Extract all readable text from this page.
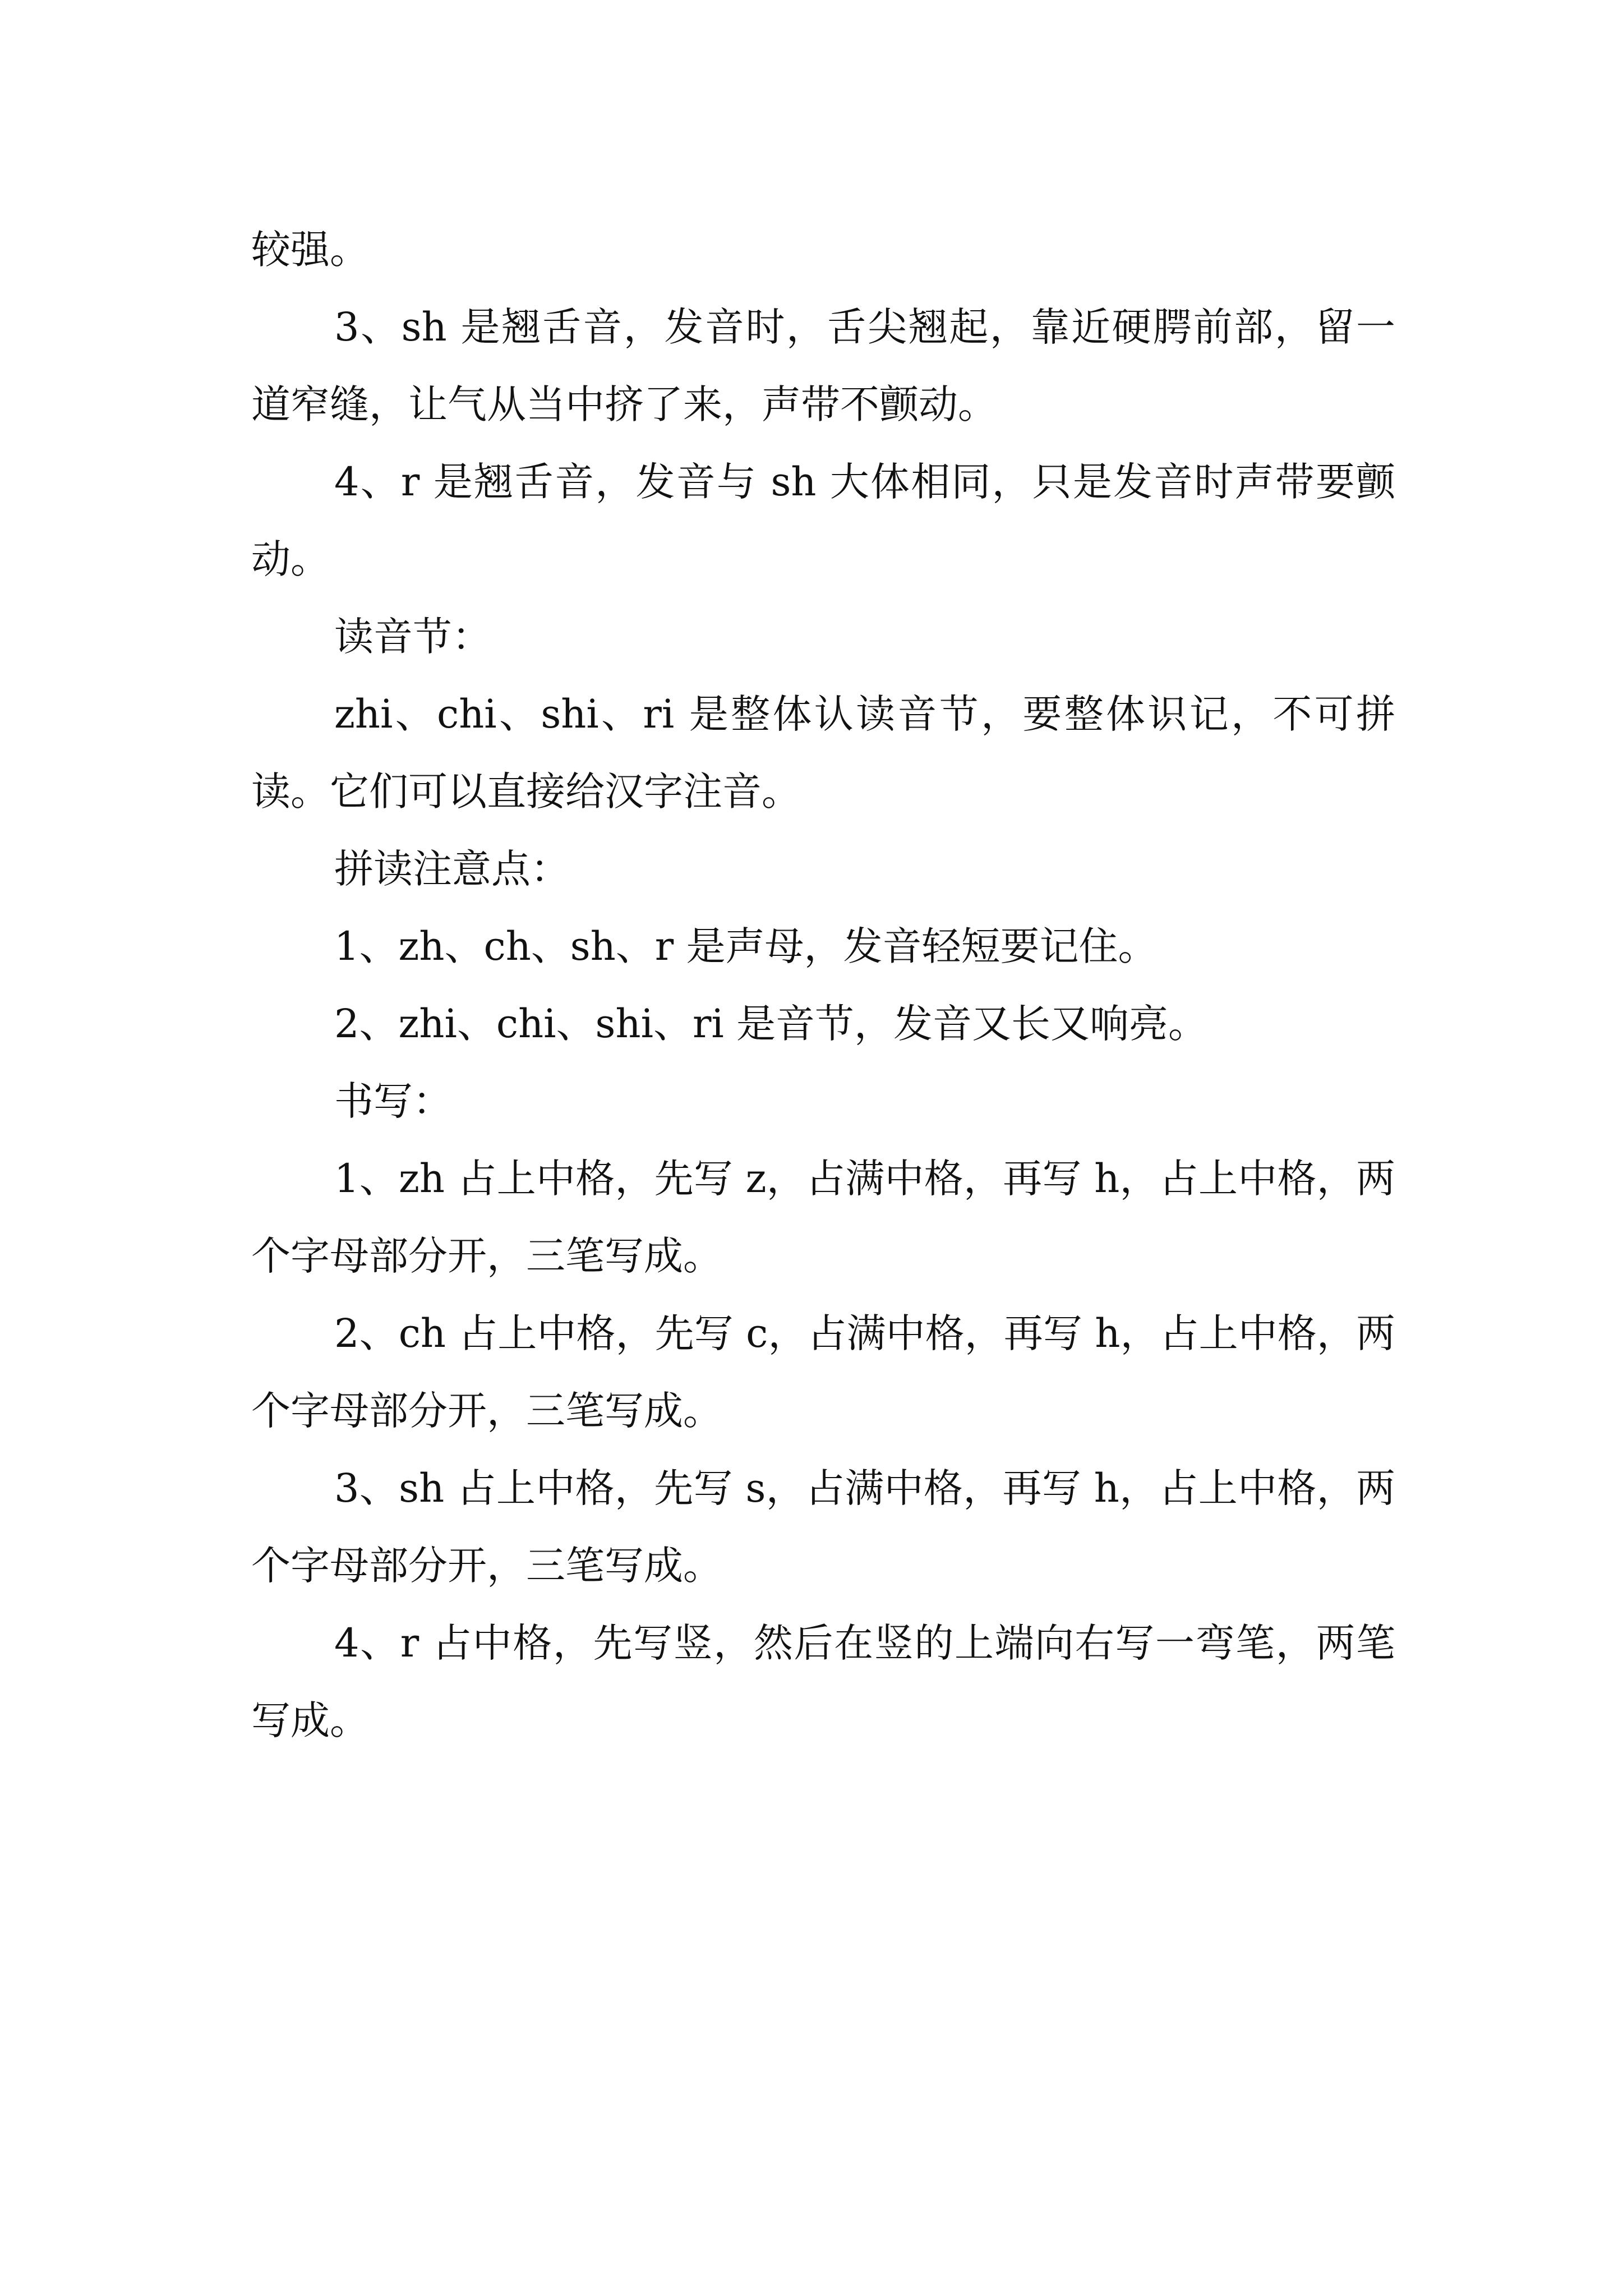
较强。

3、sh 是翘舌音，发音时，舌尖翘起，靠近硬腭前部，留一道窄缝，让气从当中挤了来，声带不颤动。

4、r 是翘舌音，发音与 sh 大体相同，只是发音时声带要颤动。

读音节：

zhi、chi、shi、ri 是整体认读音节，要整体识记，不可拼读。它们可以直接给汉字注音。

拼读注意点：

1、zh、ch、sh、r 是声母，发音轻短要记住。

2、zhi、chi、shi、ri 是音节，发音又长又响亮。

书写：

1、zh 占上中格，先写 z，占满中格，再写 h，占上中格，两个字母部分开，三笔写成。

2、ch 占上中格，先写 c，占满中格，再写 h，占上中格，两个字母部分开，三笔写成。

3、sh 占上中格，先写 s，占满中格，再写 h，占上中格，两个字母部分开，三笔写成。

4、r 占中格，先写竖，然后在竖的上端向右写一弯笔，两笔写成。
